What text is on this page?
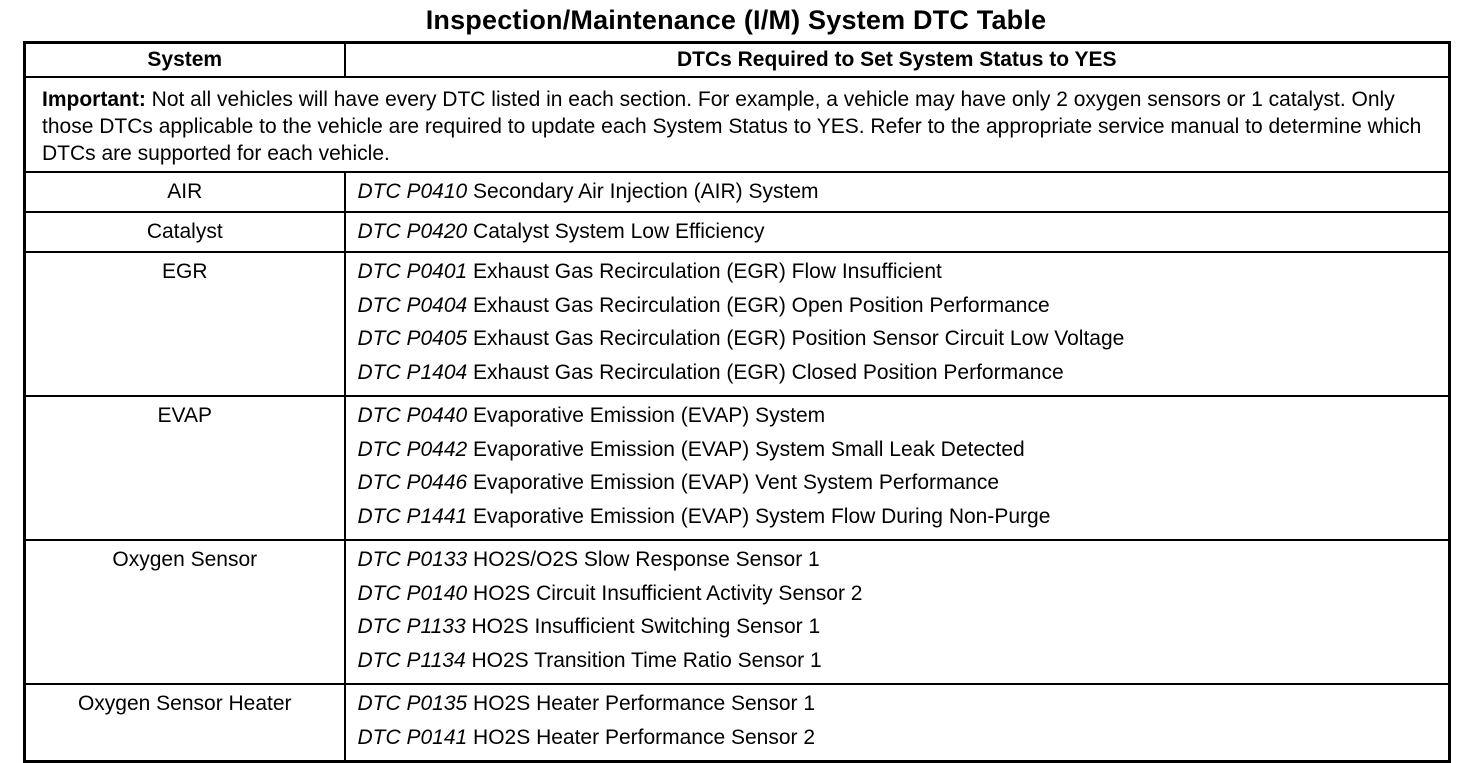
Inspection/Maintenance (I/M) System DTC Table
System	DTCs Required to Set System Status to YES
Important: Not all vehicles will have every DTC listed in each section. For example, a vehicle may have only 2 oxygen sensors or 1 catalyst. Only those DTCs applicable to the vehicle are required to update each System Status to YES. Refer to the appropriate service manual to determine which DTCs are supported for each vehicle.	
AIR	DTC P0410 Secondary Air Injection (AIR) System

Catalyst	DTC P0420 Catalyst System Low Efficiency

EGR	DTC P0401 Exhaust Gas Recirculation (EGR) Flow Insufficient
DTC P0404 Exhaust Gas Recirculation (EGR) Open Position Performance
DTC P0405 Exhaust Gas Recirculation (EGR) Position Sensor Circuit Low Voltage
DTC P1404 Exhaust Gas Recirculation (EGR) Closed Position Performance

EVAP	DTC P0440 Evaporative Emission (EVAP) System
DTC P0442 Evaporative Emission (EVAP) System Small Leak Detected
DTC P0446 Evaporative Emission (EVAP) Vent System Performance
DTC P1441 Evaporative Emission (EVAP) System Flow During Non-Purge

Oxygen Sensor	DTC P0133 HO2S/O2S Slow Response Sensor 1
DTC P0140 HO2S Circuit Insufficient Activity Sensor 2
DTC P1133 HO2S Insufficient Switching Sensor 1
DTC P1134 HO2S Transition Time Ratio Sensor 1

Oxygen Sensor Heater	DTC P0135 HO2S Heater Performance Sensor 1
DTC P0141 HO2S Heater Performance Sensor 2
